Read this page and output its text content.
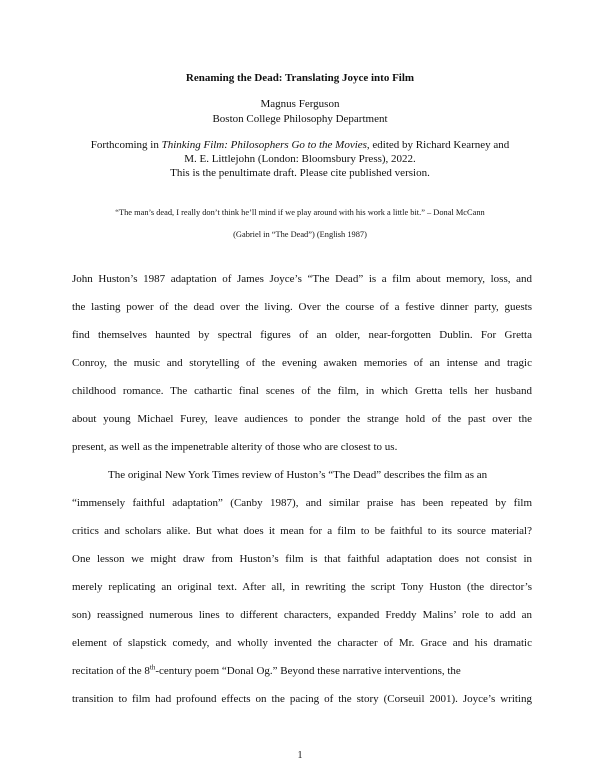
Renaming the Dead: Translating Joyce into Film
Magnus Ferguson
Boston College Philosophy Department
Forthcoming in Thinking Film: Philosophers Go to the Movies, edited by Richard Kearney and
M. E. Littlejohn (London: Bloomsbury Press), 2022.
This is the penultimate draft. Please cite published version.
“The man’s dead, I really don’t think he’ll mind if we play around with his work a little bit.” – Donal McCann
(Gabriel in “The Dead”) (English 1987)
John Huston’s 1987 adaptation of James Joyce’s “The Dead” is a film about memory, loss, and
the lasting power of the dead over the living. Over the course of a festive dinner party, guests
find themselves haunted by spectral figures of an older, near-forgotten Dublin. For Gretta
Conroy, the music and storytelling of the evening awaken memories of an intense and tragic
childhood romance. The cathartic final scenes of the film, in which Gretta tells her husband
about young Michael Furey, leave audiences to ponder the strange hold of the past over the
present, as well as the impenetrable alterity of those who are closest to us.
The original New York Times review of Huston’s “The Dead” describes the film as an
“immensely faithful adaptation” (Canby 1987), and similar praise has been repeated by film
critics and scholars alike. But what does it mean for a film to be faithful to its source material?
One lesson we might draw from Huston’s film is that faithful adaptation does not consist in
merely replicating an original text. After all, in rewriting the script Tony Huston (the director’s
son) reassigned numerous lines to different characters, expanded Freddy Malins’ role to add an
element of slapstick comedy, and wholly invented the character of Mr. Grace and his dramatic
recitation of the 8th-century poem “Donal Og.” Beyond these narrative interventions, the
transition to film had profound effects on the pacing of the story (Corseuil 2001). Joyce’s writing
1
